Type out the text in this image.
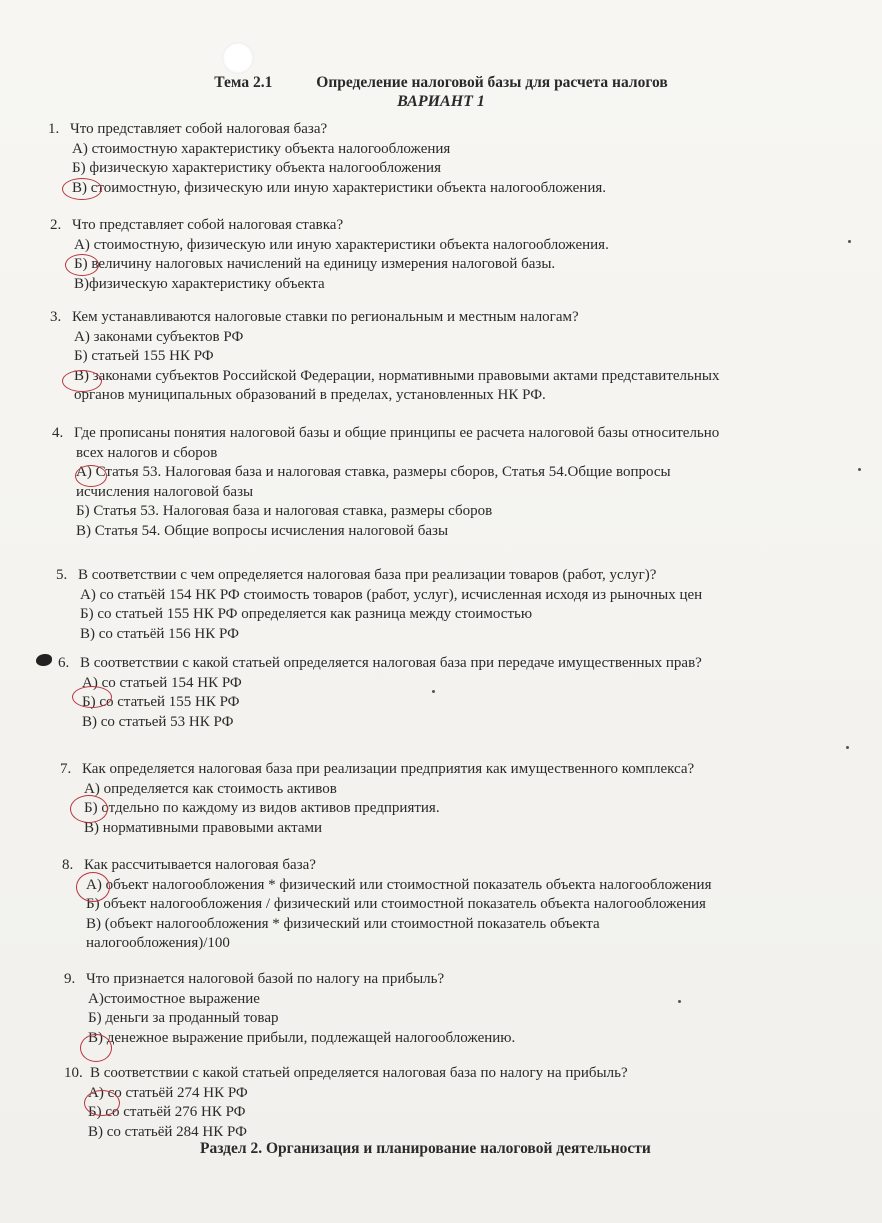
Тема 2.1	Определение налоговой базы для расчета налогов
ВАРИАНТ 1
1. Что представляет собой налоговая база?
А) стоимостную характеристику объекта налогообложения
Б) физическую характеристику объекта налогообложения
В) стоимостную, физическую или иную характеристики объекта налогообложения.
2. Что представляет собой налоговая ставка?
А) стоимостную, физическую или иную характеристики объекта налогообложения.
Б) величину налоговых начислений на единицу измерения налоговой базы.
В)физическую характеристику объекта
3. Кем устанавливаются налоговые ставки по региональным и местным налогам?
А) законами субъектов РФ
Б) статьей 155 НК РФ
В) законами субъектов Российской Федерации, нормативными правовыми актами представительных
органов муниципальных образований в пределах, установленных НК РФ.
4. Где прописаны понятия налоговой базы и общие принципы ее расчета налоговой базы относительно
всех налогов и сборов
А) Статья 53. Налоговая база и налоговая ставка, размеры сборов, Статья 54.Общие вопросы
исчисления налоговой базы
Б) Статья 53. Налоговая база и налоговая ставка, размеры сборов
В) Статья 54. Общие вопросы исчисления налоговой базы
5. В соответствии с чем определяется налоговая база при реализации товаров (работ, услуг)?
А) со статьёй 154 НК РФ стоимость товаров (работ, услуг), исчисленная исходя из рыночных цен
Б) со статьей 155 НК РФ определяется как разница между стоимостью
В) со статьёй 156 НК РФ
6. В соответствии с какой статьей определяется налоговая база при передаче имущественных прав?
А) со статьей 154 НК РФ
Б) со статьей 155 НК РФ
В) со статьей 53 НК РФ
7. Как определяется налоговая база при реализации предприятия как имущественного комплекса?
А) определяется как стоимость активов
Б) отдельно по каждому из видов активов предприятия.
В) нормативными правовыми актами
8. Как рассчитывается налоговая база?
А) объект налогообложения * физический или стоимостной показатель объекта налогообложения
Б) объект налогообложения / физический или стоимостной показатель объекта налогообложения
В) (объект налогообложения * физический или стоимостной показатель объекта
налогообложения)/100
9. Что признается налоговой базой по налогу на прибыль?
А)стоимостное выражение
Б) деньги за проданный товар
В) денежное выражение прибыли, подлежащей налогообложению.
10. В соответствии с какой статьей определяется налоговая база по налогу на прибыль?
А) со статьёй 274 НК РФ
Б) со статьёй 276 НК РФ
В) со статьёй 284 НК РФ
Раздел 2. Организация и планирование налоговой деятельности
